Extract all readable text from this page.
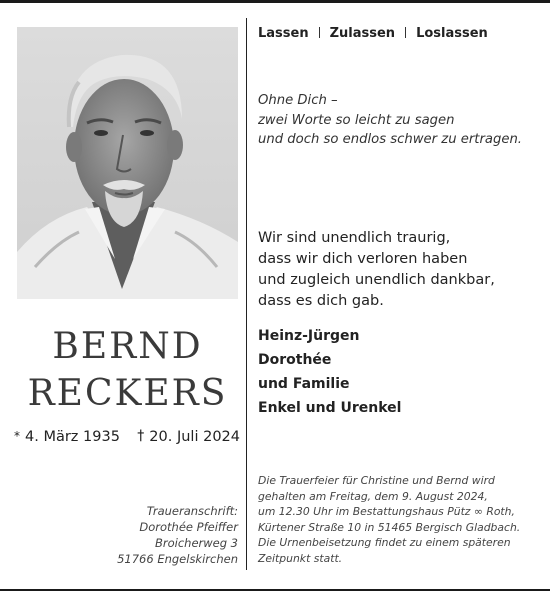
BERND
RECKERS
* 4. März 1935 † 20. Juli 2024
Traueranschrift:
Dorothée Pfeiffer
Broicherweg 3
51766 Engelskirchen
Lassen Zulassen Loslassen
Ohne Dich –
zwei Worte so leicht zu sagen
und doch so endlos schwer zu ertragen.
Wir sind unendlich traurig,
dass wir dich verloren haben
und zugleich unendlich dankbar,
dass es dich gab.
Heinz-Jürgen
Dorothée
und Familie
Enkel und Urenkel
Die Trauerfeier für Christine und Bernd wird
gehalten am Freitag, dem 9. August 2024,
um 12.30 Uhr im Bestattungshaus Pütz ∞ Roth,
Kürtener Straße 10 in 51465 Bergisch Gladbach.
Die Urnenbeisetzung findet zu einem späteren
Zeitpunkt statt.
